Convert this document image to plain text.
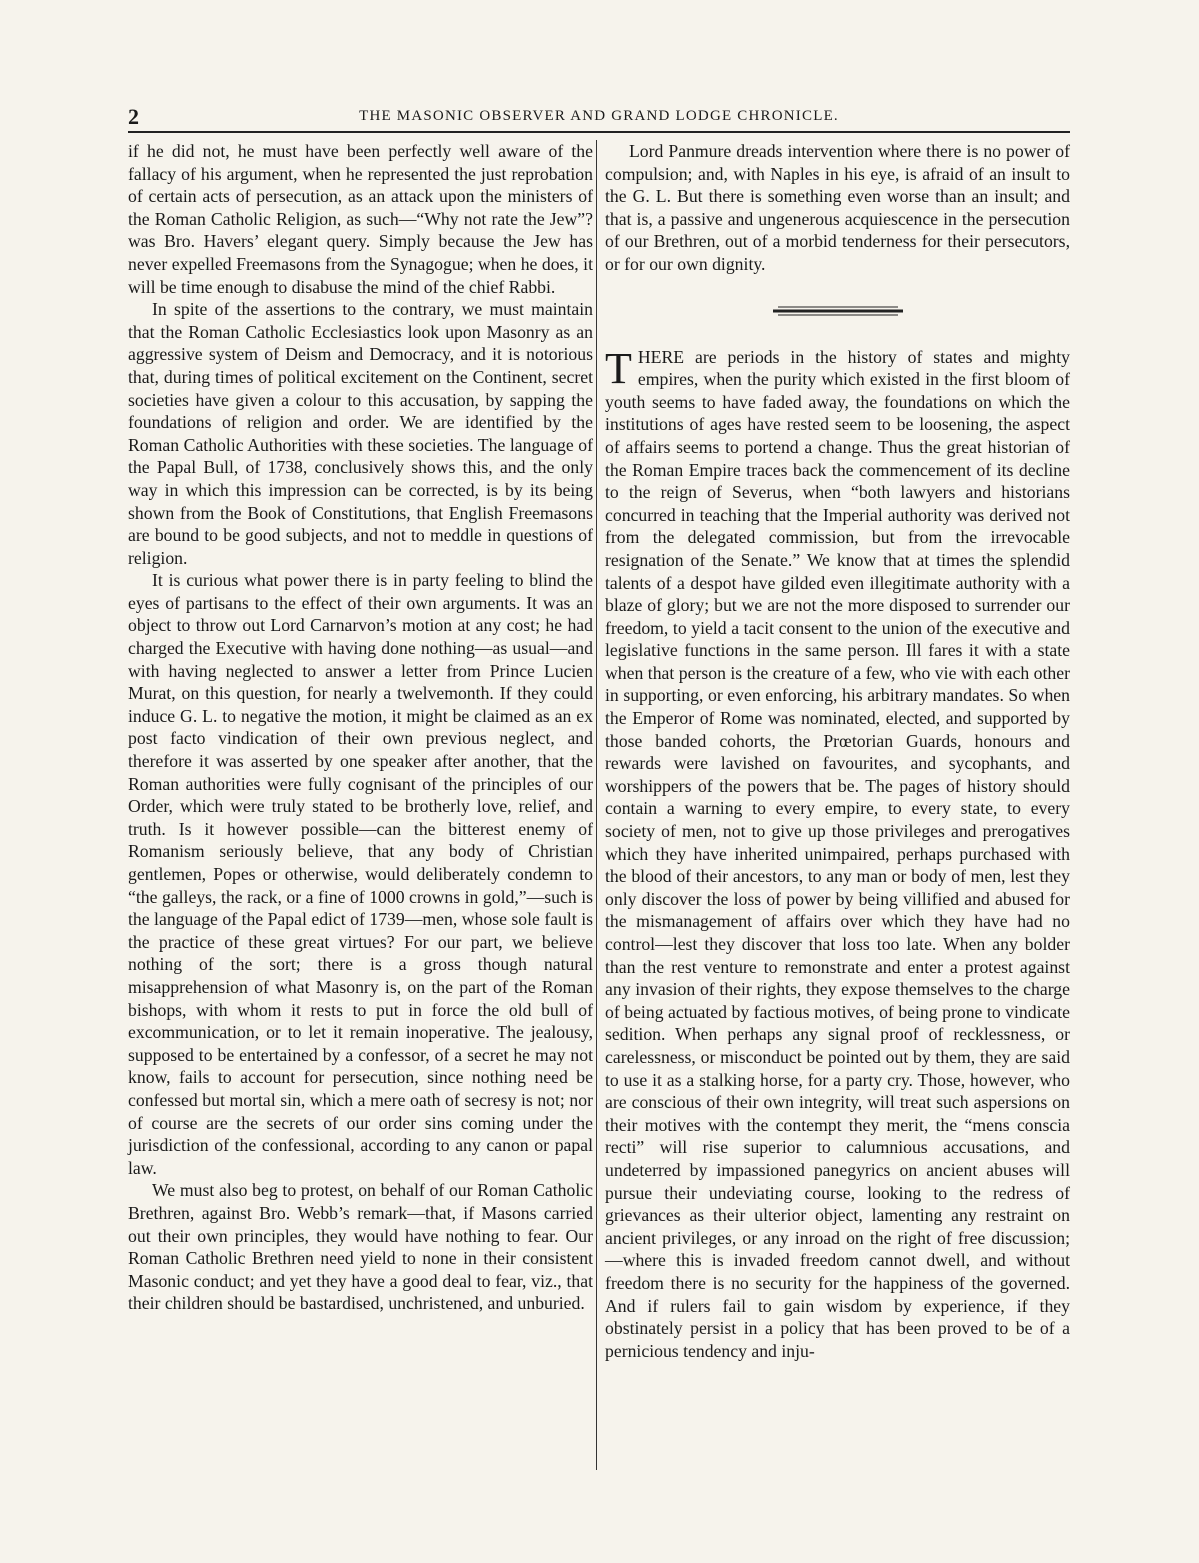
2	THE MASONIC OBSERVER AND GRAND LODGE CHRONICLE.

if he did not, he must have been perfectly well aware of the fallacy of his argument, when he represented the just reprobation of certain acts of persecution, as an attack upon the ministers of the Roman Catholic Religion, as such—“Why not rate the Jew”? was Bro. Havers’ elegant query. Simply because the Jew has never expelled Freemasons from the Synagogue; when he does, it will be time enough to disabuse the mind of the chief Rabbi.

In spite of the assertions to the contrary, we must maintain that the Roman Catholic Ecclesiastics look upon Masonry as an aggressive system of Deism and Democracy, and it is notorious that, during times of political excitement on the Continent, secret societies have given a colour to this accusation, by sapping the foundations of religion and order. We are identified by the Roman Catholic Authorities with these societies. The language of the Papal Bull, of 1738, conclusively shows this, and the only way in which this impression can be corrected, is by its being shown from the Book of Constitutions, that English Freemasons are bound to be good subjects, and not to meddle in questions of religion.

It is curious what power there is in party feeling to blind the eyes of partisans to the effect of their own arguments. It was an object to throw out Lord Carnarvon’s motion at any cost; he had charged the Executive with having done nothing—as usual—and with having neglected to answer a letter from Prince Lucien Murat, on this question, for nearly a twelvemonth. If they could induce G. L. to negative the motion, it might be claimed as an ex post facto vindication of their own previous neglect, and therefore it was asserted by one speaker after another, that the Roman authorities were fully cognisant of the principles of our Order, which were truly stated to be brotherly love, relief, and truth. Is it however possible—can the bitterest enemy of Romanism seriously believe, that any body of Christian gentlemen, Popes or otherwise, would deliberately condemn to “the galleys, the rack, or a fine of 1000 crowns in gold,”—such is the language of the Papal edict of 1739—men, whose sole fault is the practice of these great virtues? For our part, we believe nothing of the sort; there is a gross though natural misapprehension of what Masonry is, on the part of the Roman bishops, with whom it rests to put in force the old bull of excommunication, or to let it remain inoperative. The jealousy, supposed to be entertained by a confessor, of a secret he may not know, fails to account for persecution, since nothing need be confessed but mortal sin, which a mere oath of secresy is not; nor of course are the secrets of our order sins coming under the jurisdiction of the confessional, according to any canon or papal law.

We must also beg to protest, on behalf of our Roman Catholic Brethren, against Bro. Webb’s remark—that, if Masons carried out their own principles, they would have nothing to fear. Our Roman Catholic Brethren need yield to none in their consistent Masonic conduct; and yet they have a good deal to fear, viz., that their children should be bastardised, unchristened, and unburied.

Lord Panmure dreads intervention where there is no power of compulsion; and, with Naples in his eye, is afraid of an insult to the G. L. But there is something even worse than an insult; and that is, a passive and ungenerous acquiescence in the persecution of our Brethren, out of a morbid tenderness for their persecutors, or for our own dignity.

THERE are periods in the history of states and mighty empires, when the purity which existed in the first bloom of youth seems to have faded away, the foundations on which the institutions of ages have rested seem to be loosening, the aspect of affairs seems to portend a change. Thus the great historian of the Roman Empire traces back the commencement of its decline to the reign of Severus, when “both lawyers and historians concurred in teaching that the Imperial authority was derived not from the delegated commission, but from the irrevocable resignation of the Senate.” We know that at times the splendid talents of a despot have gilded even illegitimate authority with a blaze of glory; but we are not the more disposed to surrender our freedom, to yield a tacit consent to the union of the executive and legislative functions in the same person. Ill fares it with a state when that person is the creature of a few, who vie with each other in supporting, or even enforcing, his arbitrary mandates. So when the Emperor of Rome was nominated, elected, and supported by those banded cohorts, the Prœtorian Guards, honours and rewards were lavished on favourites, and sycophants, and worshippers of the powers that be. The pages of history should contain a warning to every empire, to every state, to every society of men, not to give up those privileges and prerogatives which they have inherited unimpaired, perhaps purchased with the blood of their ancestors, to any man or body of men, lest they only discover the loss of power by being villified and abused for the mismanagement of affairs over which they have had no control—lest they discover that loss too late. When any bolder than the rest venture to remonstrate and enter a protest against any invasion of their rights, they expose themselves to the charge of being actuated by factious motives, of being prone to vindicate sedition. When perhaps any signal proof of recklessness, or carelessness, or misconduct be pointed out by them, they are said to use it as a stalking horse, for a party cry. Those, however, who are conscious of their own integrity, will treat such aspersions on their motives with the contempt they merit, the “mens conscia recti” will rise superior to calumnious accusations, and undeterred by impassioned panegyrics on ancient abuses will pursue their undeviating course, looking to the redress of grievances as their ulterior object, lamenting any restraint on ancient privileges, or any inroad on the right of free discussion;—where this is invaded freedom cannot dwell, and without freedom there is no security for the happiness of the governed. And if rulers fail to gain wisdom by experience, if they obstinately persist in a policy that has been proved to be of a pernicious tendency and inju-
